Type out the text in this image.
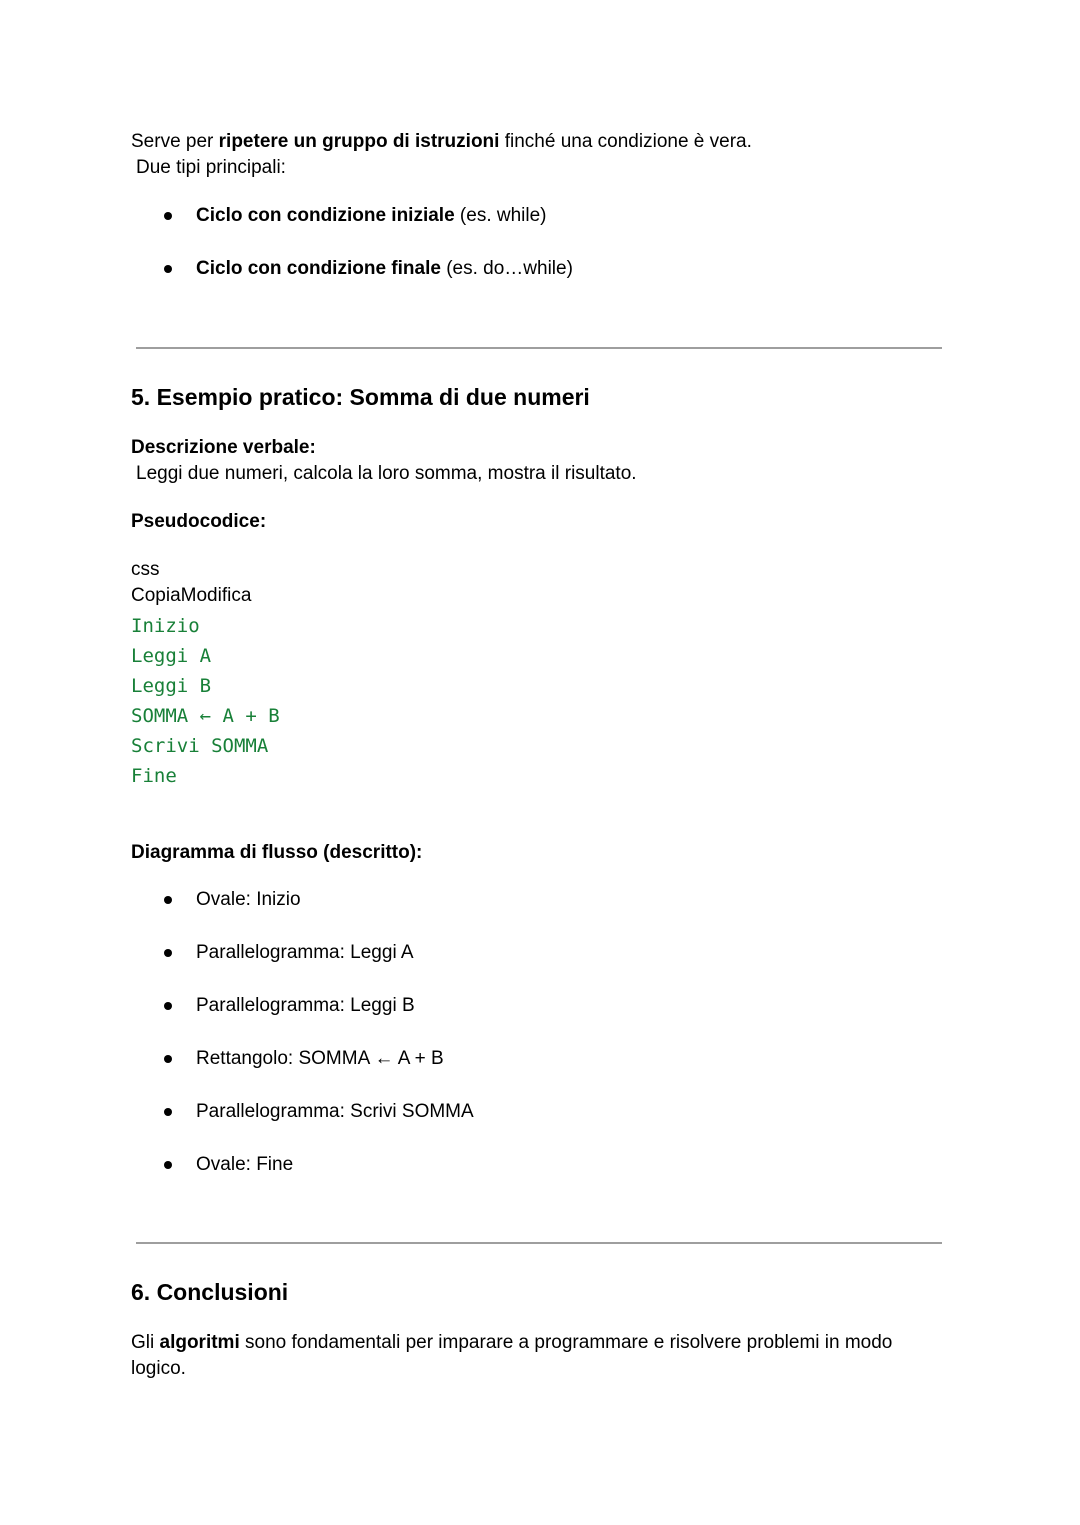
Serve per ripetere un gruppo di istruzioni finché una condizione è vera.
Due tipi principali:
Ciclo con condizione iniziale (es. while)
Ciclo con condizione finale (es. do…while)
5. Esempio pratico: Somma di due numeri
Descrizione verbale:
Leggi due numeri, calcola la loro somma, mostra il risultato.
Pseudocodice:
css
CopiaModifica
Inizio
Leggi A
Leggi B
SOMMA ← A + B
Scrivi SOMMA
Fine
Diagramma di flusso (descritto):
Ovale: Inizio
Parallelogramma: Leggi A
Parallelogramma: Leggi B
Rettangolo: SOMMA ← A + B
Parallelogramma: Scrivi SOMMA
Ovale: Fine
6. Conclusioni
Gli algoritmi sono fondamentali per imparare a programmare e risolvere problemi in modo
logico.
